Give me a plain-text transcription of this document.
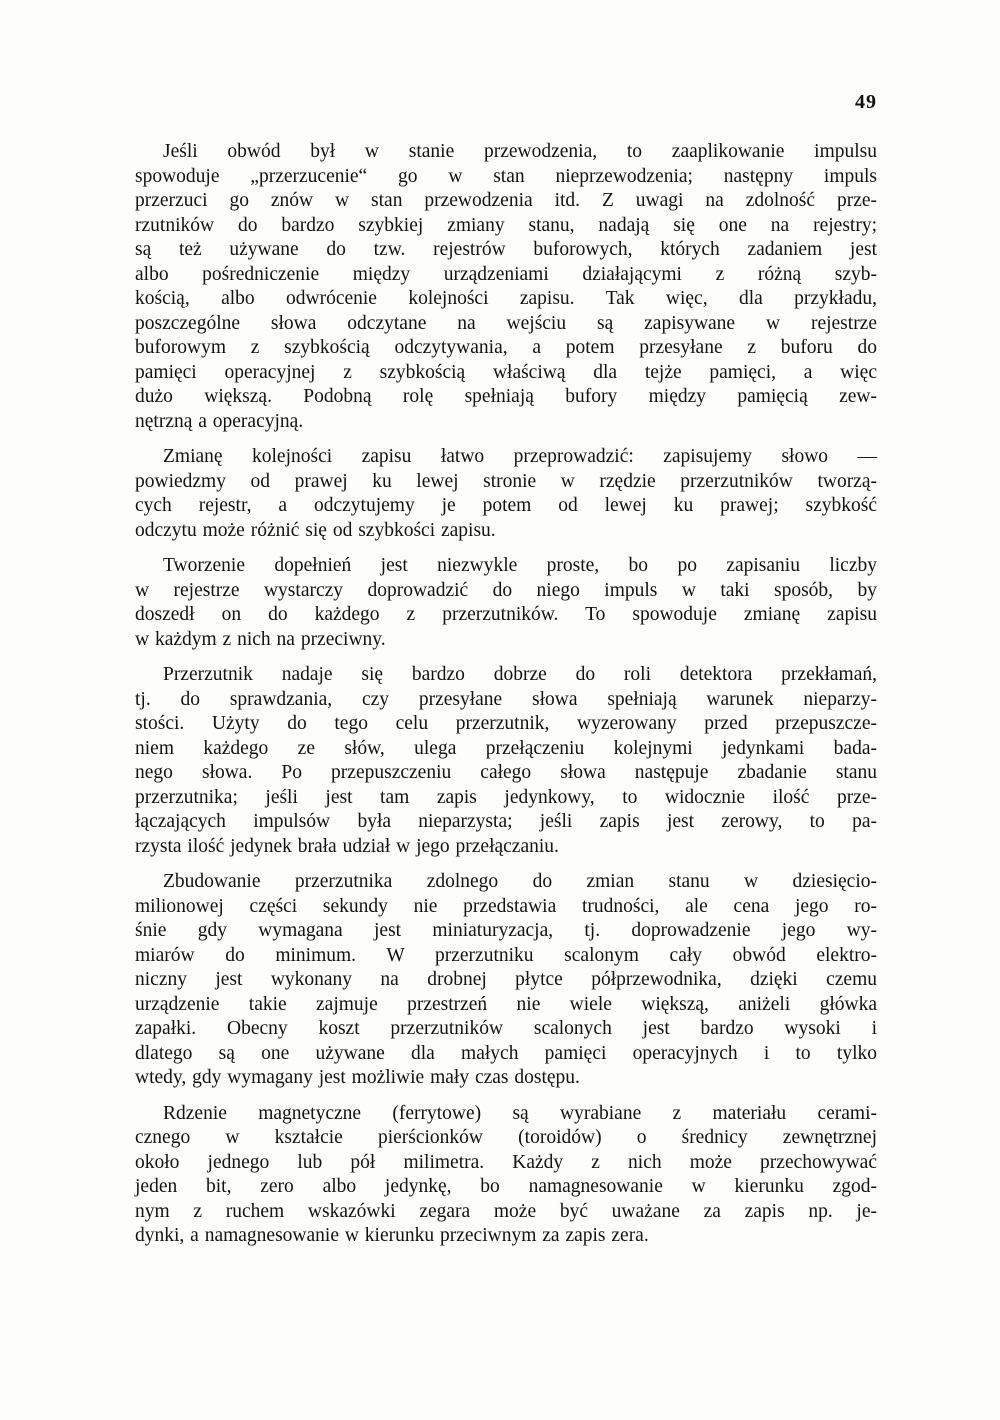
49
Jeśli obwód był w stanie przewodzenia, to zaaplikowanie impulsu
spowoduje „przerzucenie“ go w stan nieprzewodzenia; następny impuls
przerzuci go znów w stan przewodzenia itd. Z uwagi na zdolność prze-
rzutników do bardzo szybkiej zmiany stanu, nadają się one na rejestry;
są też używane do tzw. rejestrów buforowych, których zadaniem jest
albo pośredniczenie między urządzeniami działającymi z różną szyb-
kością, albo odwrócenie kolejności zapisu. Tak więc, dla przykładu,
poszczególne słowa odczytane na wejściu są zapisywane w rejestrze
buforowym z szybkością odczytywania, a potem przesyłane z buforu do
pamięci operacyjnej z szybkością właściwą dla tejże pamięci, a więc
dużo większą. Podobną rolę spełniają bufory między pamięcią zew-
nętrzną a operacyjną.
Zmianę kolejności zapisu łatwo przeprowadzić: zapisujemy słowo —
powiedzmy od prawej ku lewej stronie w rzędzie przerzutników tworzą-
cych rejestr, a odczytujemy je potem od lewej ku prawej; szybkość
odczytu może różnić się od szybkości zapisu.
Tworzenie dopełnień jest niezwykle proste, bo po zapisaniu liczby
w rejestrze wystarczy doprowadzić do niego impuls w taki sposób, by
doszedł on do każdego z przerzutników. To spowoduje zmianę zapisu
w każdym z nich na przeciwny.
Przerzutnik nadaje się bardzo dobrze do roli detektora przekłamań,
tj. do sprawdzania, czy przesyłane słowa spełniają warunek nieparzy-
stości. Użyty do tego celu przerzutnik, wyzerowany przed przepuszcze-
niem każdego ze słów, ulega przełączeniu kolejnymi jedynkami bada-
nego słowa. Po przepuszczeniu całego słowa następuje zbadanie stanu
przerzutnika; jeśli jest tam zapis jedynkowy, to widocznie ilość prze-
łączających impulsów była nieparzysta; jeśli zapis jest zerowy, to pa-
rzysta ilość jedynek brała udział w jego przełączaniu.
Zbudowanie przerzutnika zdolnego do zmian stanu w dziesięcio-
milionowej części sekundy nie przedstawia trudności, ale cena jego ro-
śnie gdy wymagana jest miniaturyzacja, tj. doprowadzenie jego wy-
miarów do minimum. W przerzutniku scalonym cały obwód elektro-
niczny jest wykonany na drobnej płytce półprzewodnika, dzięki czemu
urządzenie takie zajmuje przestrzeń nie wiele większą, aniżeli główka
zapałki. Obecny koszt przerzutników scalonych jest bardzo wysoki i
dlatego są one używane dla małych pamięci operacyjnych i to tylko
wtedy, gdy wymagany jest możliwie mały czas dostępu.
Rdzenie magnetyczne (ferrytowe) są wyrabiane z materiału cerami-
cznego w kształcie pierścionków (toroidów) o średnicy zewnętrznej
około jednego lub pół milimetra. Każdy z nich może przechowywać
jeden bit, zero albo jedynkę, bo namagnesowanie w kierunku zgod-
nym z ruchem wskazówki zegara może być uważane za zapis np. je-
dynki, a namagnesowanie w kierunku przeciwnym za zapis zera.
